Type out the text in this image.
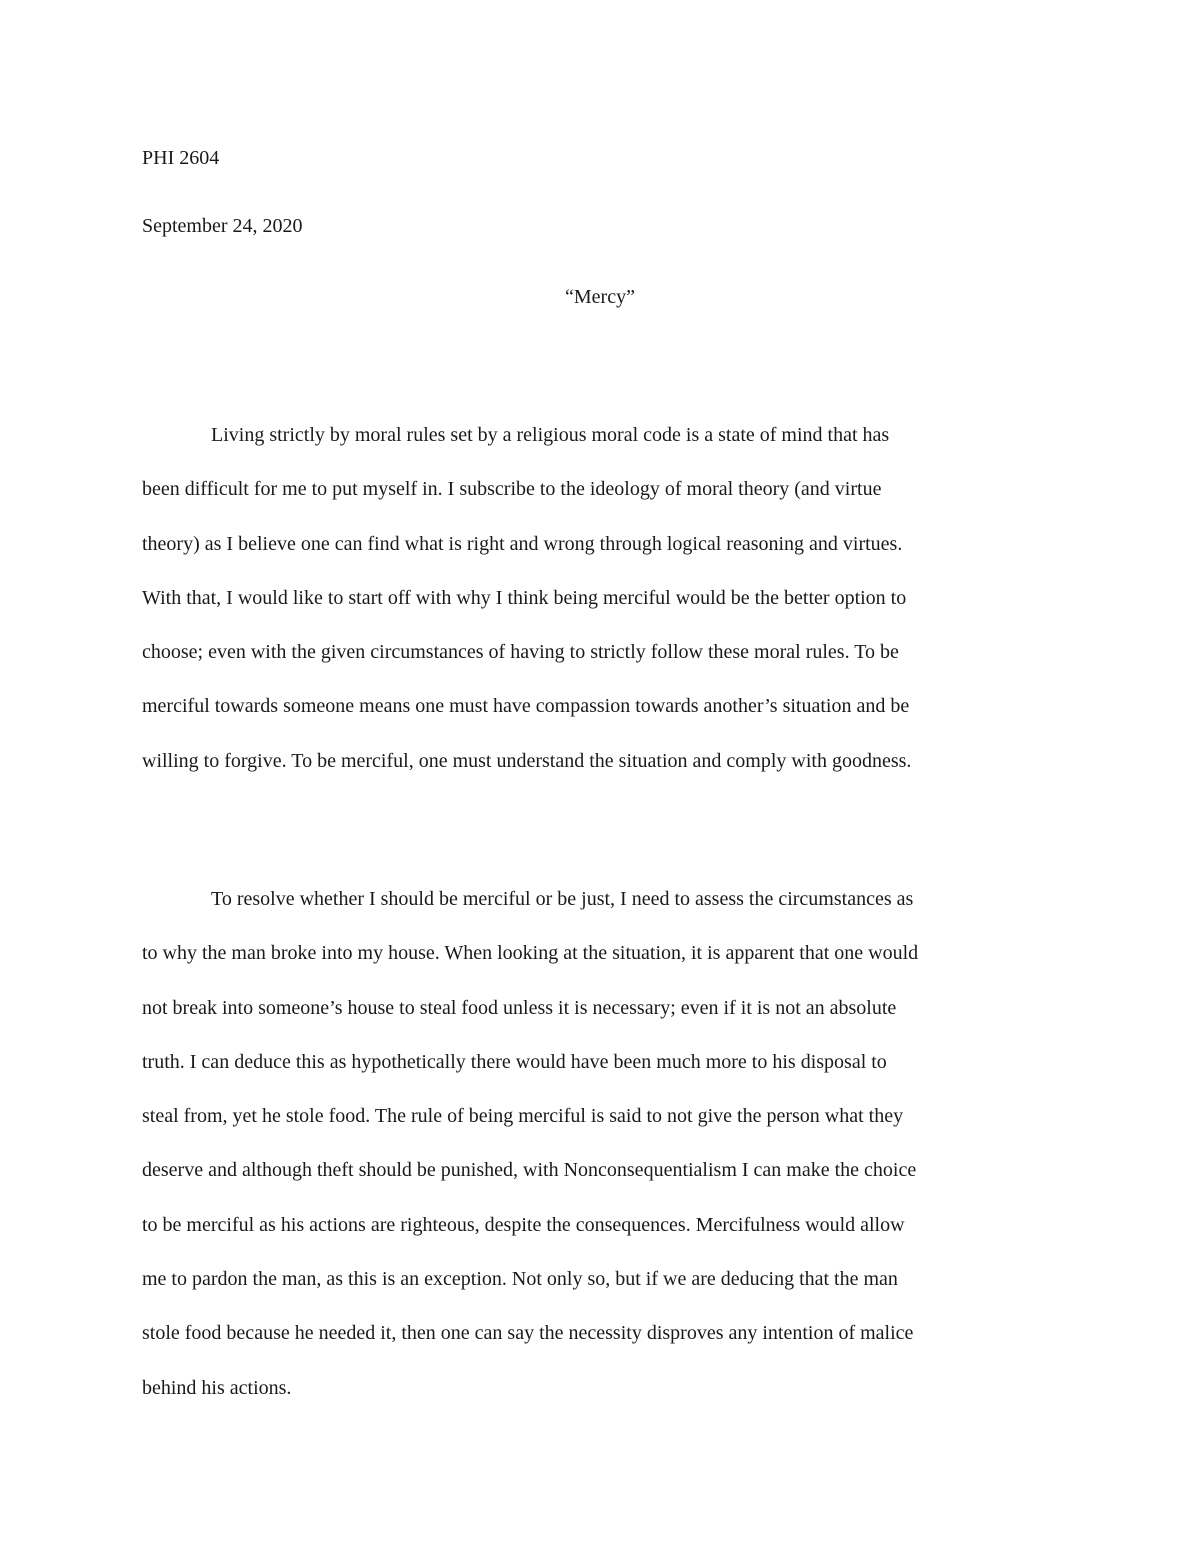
PHI 2604
September 24, 2020
“Mercy”
Living strictly by moral rules set by a religious moral code is a state of mind that has
been difficult for me to put myself in. I subscribe to the ideology of moral theory (and virtue
theory) as I believe one can find what is right and wrong through logical reasoning and virtues.
With that, I would like to start off with why I think being merciful would be the better option to
choose; even with the given circumstances of having to strictly follow these moral rules. To be
merciful towards someone means one must have compassion towards another’s situation and be
willing to forgive. To be merciful, one must understand the situation and comply with goodness.
To resolve whether I should be merciful or be just, I need to assess the circumstances as
to why the man broke into my house. When looking at the situation, it is apparent that one would
not break into someone’s house to steal food unless it is necessary; even if it is not an absolute
truth. I can deduce this as hypothetically there would have been much more to his disposal to
steal from, yet he stole food. The rule of being merciful is said to not give the person what they
deserve and although theft should be punished, with Nonconsequentialism I can make the choice
to be merciful as his actions are righteous, despite the consequences. Mercifulness would allow
me to pardon the man, as this is an exception. Not only so, but if we are deducing that the man
stole food because he needed it, then one can say the necessity disproves any intention of malice
behind his actions.
